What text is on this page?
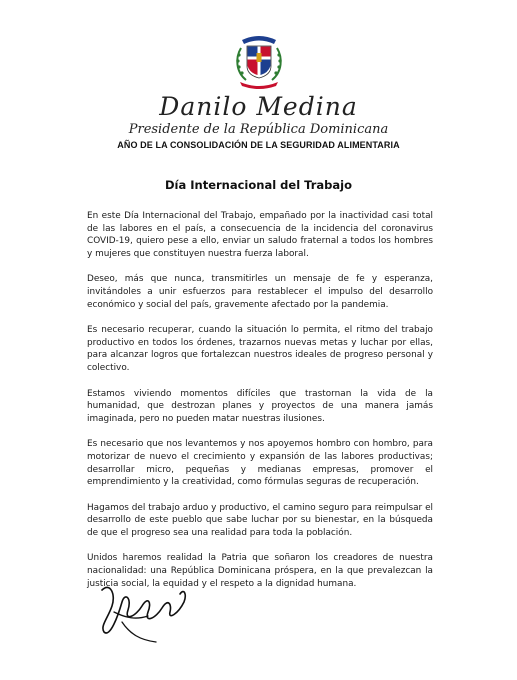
Danilo Medina
Presidente de la República Dominicana
AÑO DE LA CONSOLIDACIÓN DE LA SEGURIDAD ALIMENTARIA
Día Internacional del Trabajo

En este Día Internacional del Trabajo, empañado por la inactividad casi total de las labores en el país, a consecuencia de la incidencia del coronavirus COVID-19, quiero pese a ello, enviar un saludo fraternal a todos los hombres y mujeres que constituyen nuestra fuerza laboral.

Deseo, más que nunca, transmitirles un mensaje de fe y esperanza, invitándoles a unir esfuerzos para restablecer el impulso del desarrollo económico y social del país, gravemente afectado por la pandemia.

Es necesario recuperar, cuando la situación lo permita, el ritmo del trabajo productivo en todos los órdenes, trazarnos nuevas metas y luchar por ellas, para alcanzar logros que fortalezcan nuestros ideales de progreso personal y colectivo.

Estamos viviendo momentos difíciles que trastornan la vida de la humanidad, que destrozan planes y proyectos de una manera jamás imaginada, pero no pueden matar nuestras ilusiones.

Es necesario que nos levantemos y nos apoyemos hombro con hombro, para motorizar de nuevo el crecimiento y expansión de las labores productivas; desarrollar micro, pequeñas y medianas empresas, promover el emprendimiento y la creatividad, como fórmulas seguras de recuperación.

Hagamos del trabajo arduo y productivo, el camino seguro para reimpulsar el desarrollo de este pueblo que sabe luchar por su bienestar, en la búsqueda de que el progreso sea una realidad para toda la población.

Unidos haremos realidad la Patria que soñaron los creadores de nuestra nacionalidad: una República Dominicana próspera, en la que prevalezcan la justicia social, la equidad y el respeto a la dignidad humana.
